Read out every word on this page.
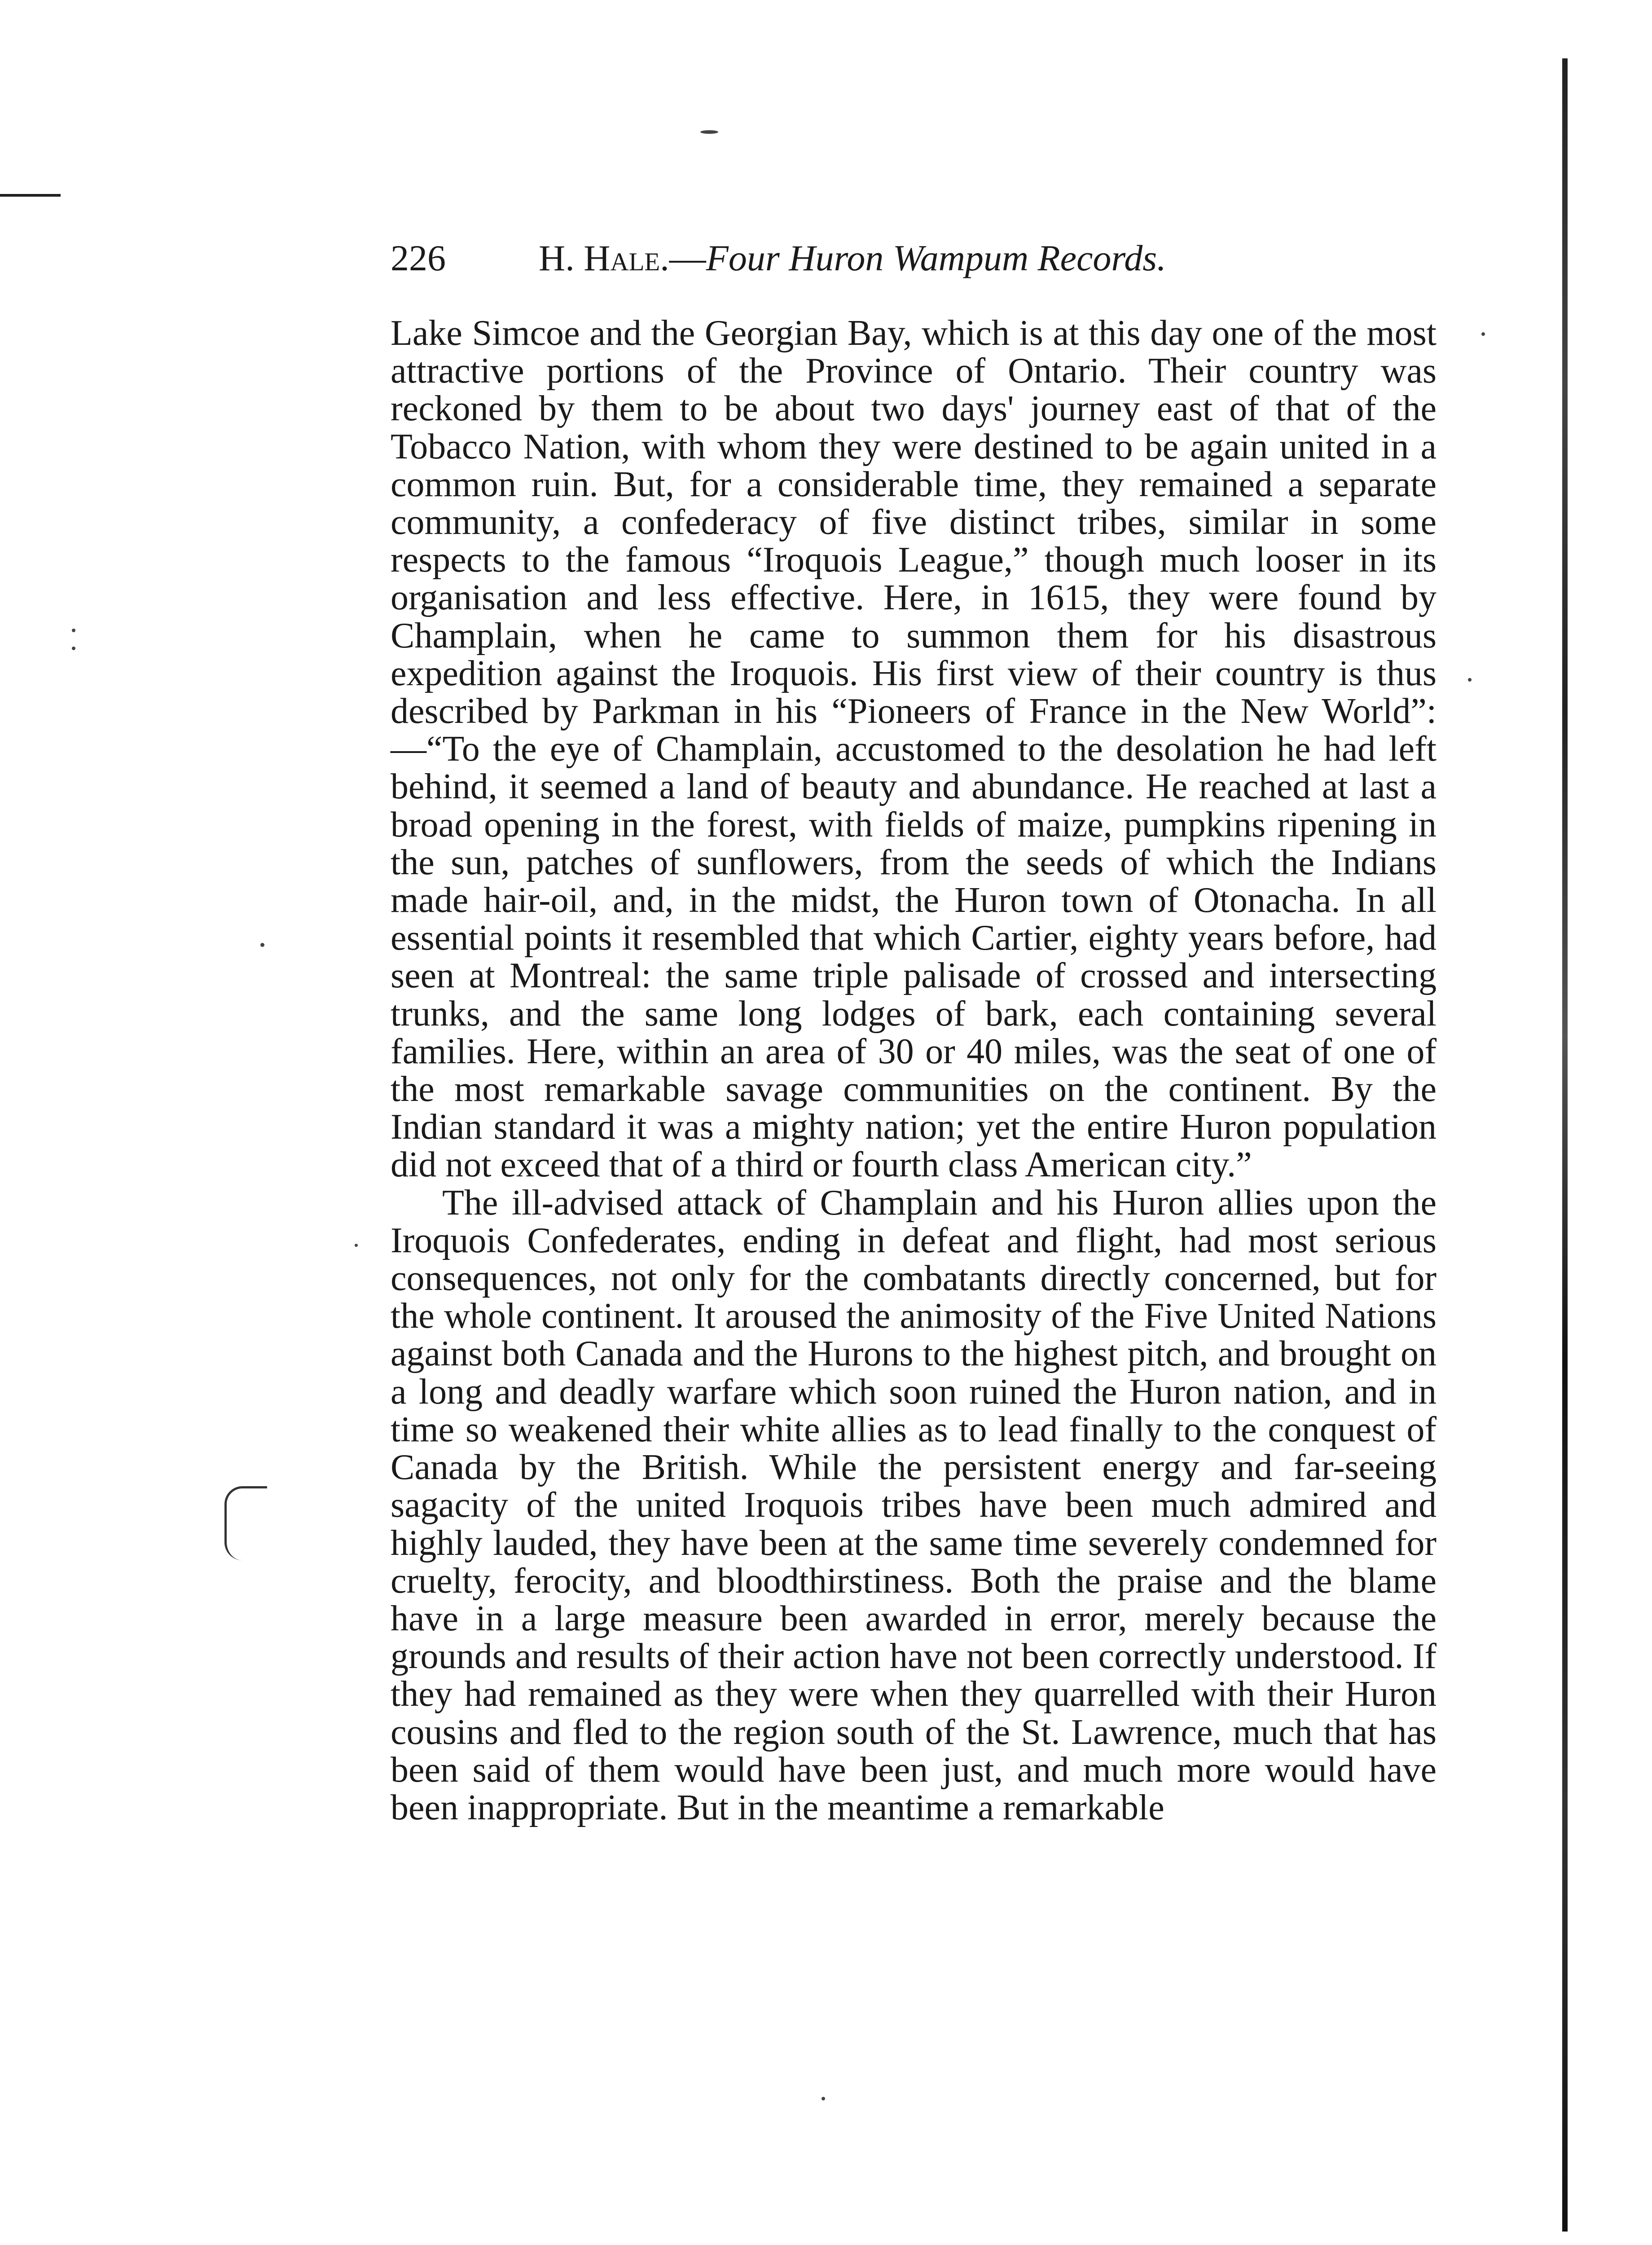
226	H. Hale.—Four Huron Wampum Records.

Lake Simcoe and the Georgian Bay, which is at this day one of the most attractive portions of the Province of Ontario. Their country was reckoned by them to be about two days' journey east of that of the Tobacco Nation, with whom they were destined to be again united in a common ruin. But, for a considerable time, they remained a separate community, a confederacy of five distinct tribes, similar in some respects to the famous “Iroquois League,” though much looser in its organisation and less effective. Here, in 1615, they were found by Champlain, when he came to summon them for his disastrous expedition against the Iroquois. His first view of their country is thus described by Parkman in his “Pioneers of France in the New World”:—“To the eye of Champlain, accustomed to the desolation he had left behind, it seemed a land of beauty and abundance. He reached at last a broad opening in the forest, with fields of maize, pumpkins ripening in the sun, patches of sunflowers, from the seeds of which the Indians made hair-oil, and, in the midst, the Huron town of Otonacha. In all essential points it resembled that which Cartier, eighty years before, had seen at Montreal: the same triple palisade of crossed and intersecting trunks, and the same long lodges of bark, each containing several families. Here, within an area of 30 or 40 miles, was the seat of one of the most remarkable savage communities on the continent. By the Indian standard it was a mighty nation; yet the entire Huron population did not exceed that of a third or fourth class American city.”

The ill-advised attack of Champlain and his Huron allies upon the Iroquois Confederates, ending in defeat and flight, had most serious consequences, not only for the combatants directly concerned, but for the whole continent. It aroused the animosity of the Five United Nations against both Canada and the Hurons to the highest pitch, and brought on a long and deadly warfare which soon ruined the Huron nation, and in time so weakened their white allies as to lead finally to the conquest of Canada by the British. While the persistent energy and far-seeing sagacity of the united Iroquois tribes have been much admired and highly lauded, they have been at the same time severely condemned for cruelty, ferocity, and bloodthirstiness. Both the praise and the blame have in a large measure been awarded in error, merely because the grounds and results of their action have not been correctly understood. If they had remained as they were when they quarrelled with their Huron cousins and fled to the region south of the St. Lawrence, much that has been said of them would have been just, and much more would have been inappropriate. But in the meantime a remarkable
